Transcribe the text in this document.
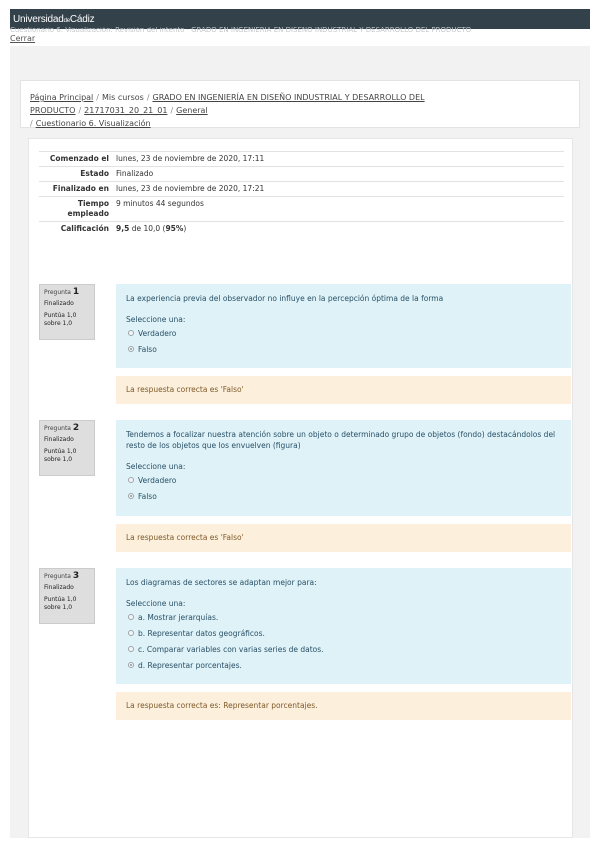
UniversidaddeCádiz
Cuestionario 6. Visualización: Revisión del intento · GRADO EN INGENIERÍA EN DISEÑO INDUSTRIAL Y DESARROLLO DEL PRODUCTO
Cerrar
Página Principal / Mis cursos / GRADO EN INGENIERÍA EN DISEÑO INDUSTRIAL Y DESARROLLO DEL PRODUCTO / 21717031_20_21_01 / General
/ Cuestionario 6. Visualización
Comenzado el	lunes, 23 de noviembre de 2020, 17:11
Estado	Finalizado
Finalizado en	lunes, 23 de noviembre de 2020, 17:21
Tiempo
empleado	9 minutos 44 segundos
Calificación	9,5 de 10,0 (95%)
Pregunta 1
Finalizado
Puntúa 1,0
sobre 1,0
La experiencia previa del observador no influye en la percepción óptima de la forma
Seleccione una:
Verdadero
Falso
La respuesta correcta es 'Falso'
Pregunta 2
Finalizado
Puntúa 1,0
sobre 1,0
Tendemos a focalizar nuestra atención sobre un objeto o determinado grupo de objetos (fondo) destacándolos del resto de los objetos que los envuelven (figura)
Seleccione una:
Verdadero
Falso
La respuesta correcta es 'Falso'
Pregunta 3
Finalizado
Puntúa 1,0
sobre 1,0
Los diagramas de sectores se adaptan mejor para:
Seleccione una:
a. Mostrar jerarquías.
b. Representar datos geográficos.
c. Comparar variables con varias series de datos.
d. Representar porcentajes.
La respuesta correcta es: Representar porcentajes.
